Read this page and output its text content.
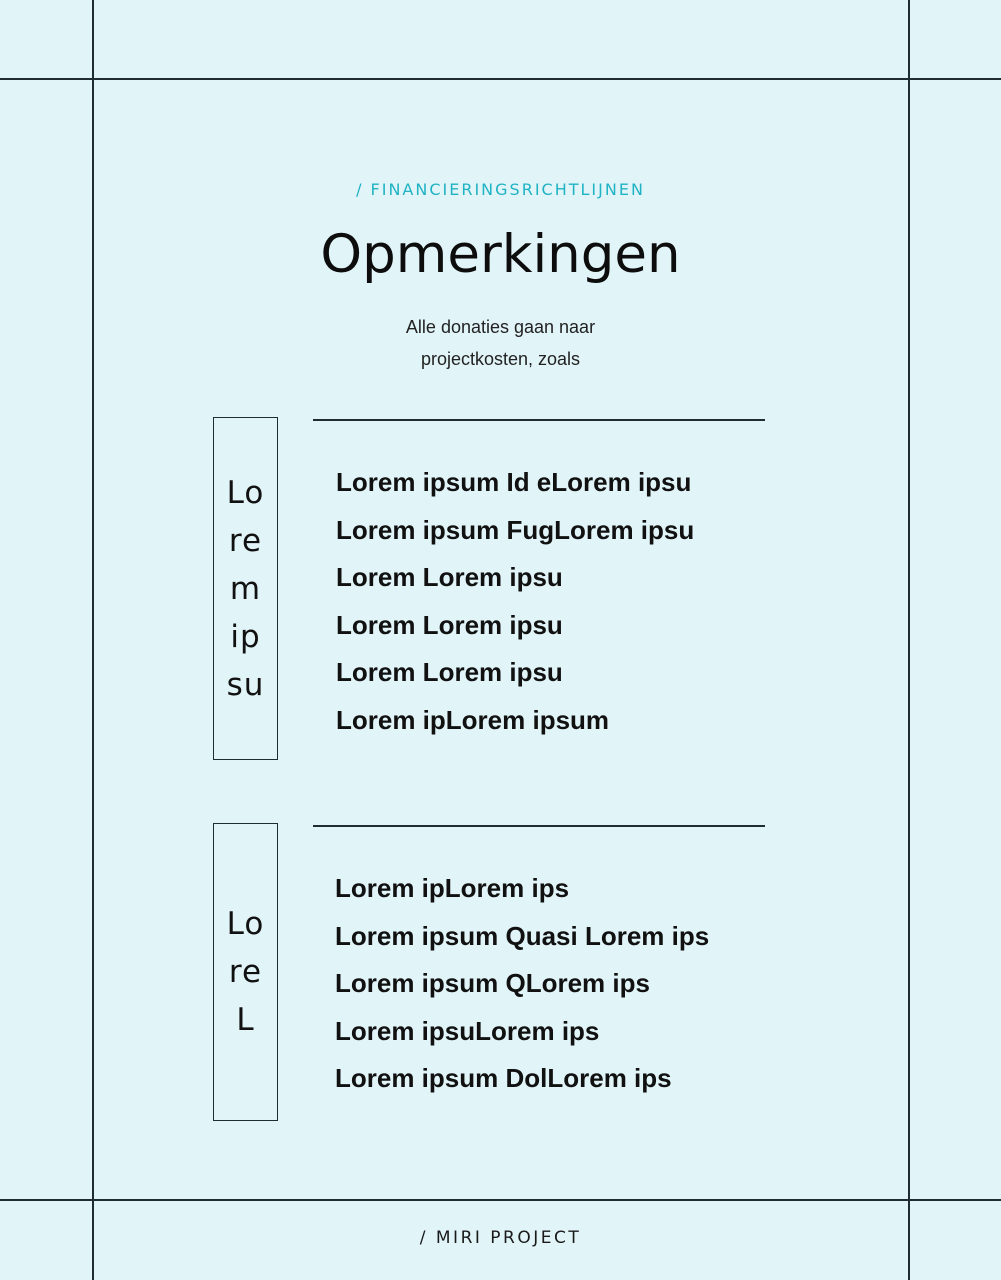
/ FINANCIERINGSRICHTLIJNEN
Opmerkingen
Alle donaties gaan naar projectkosten, zoals
Loremipsu
Lorem ipsum Id eLorem ipsu
Lorem ipsum FugLorem ipsu
Lorem Lorem ipsu
Lorem Lorem ipsu
Lorem Lorem ipsu
Lorem ipLorem ipsum
LoreL
Lorem ipLorem ips
Lorem ipsum Quasi Lorem ips
Lorem ipsum QLorem ips
Lorem ipsuLorem ips
Lorem ipsum DolLorem ips
/ MIRI PROJECT
